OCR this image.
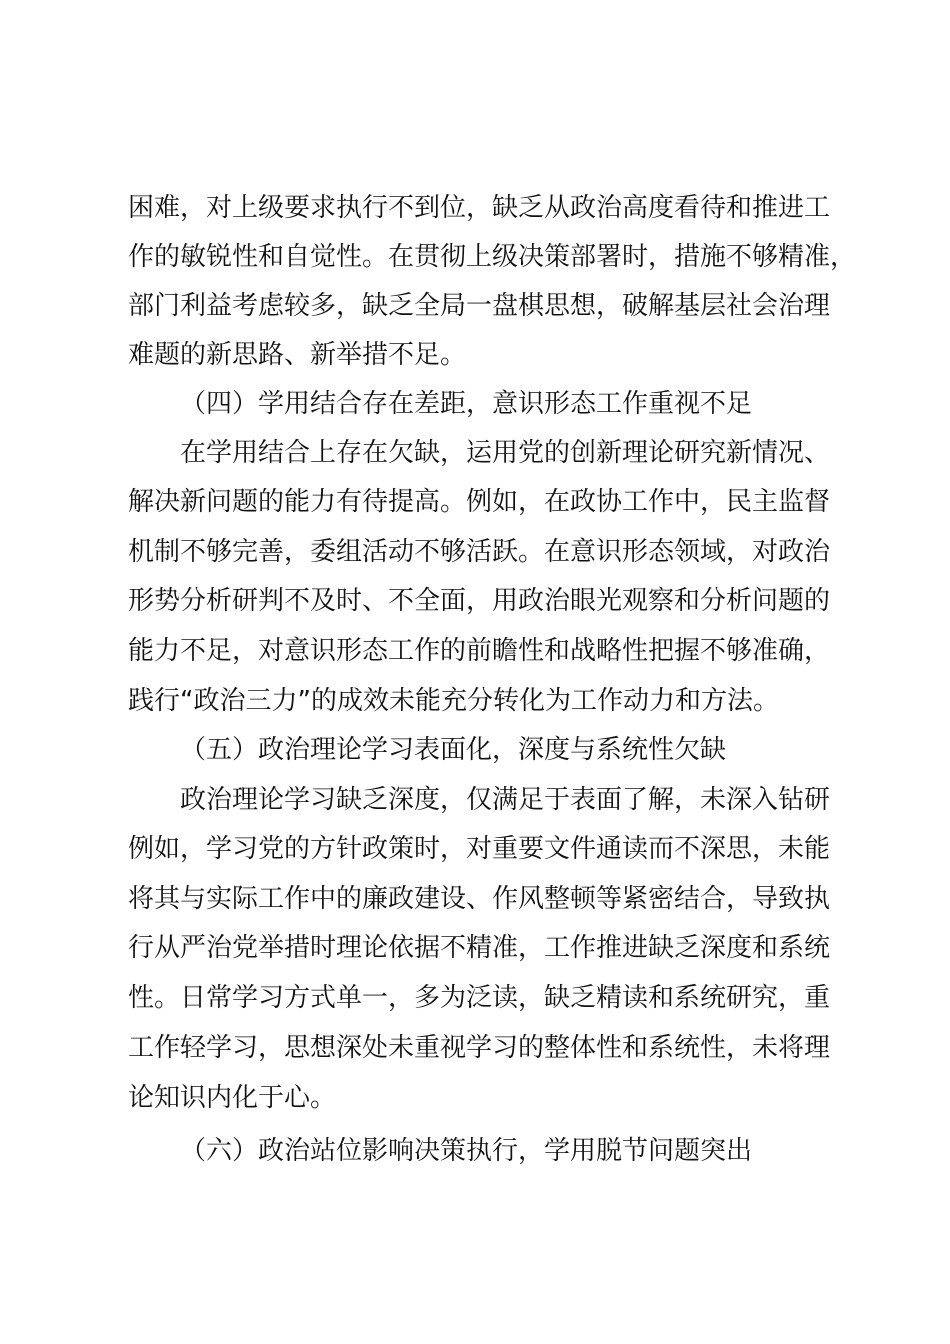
困难，对上级要求执行不到位，缺乏从政治高度看待和推进工
作的敏锐性和自觉性。在贯彻上级决策部署时，措施不够精准，
部门利益考虑较多，缺乏全局一盘棋思想，破解基层社会治理
难题的新思路、新举措不足。
（四）学用结合存在差距，意识形态工作重视不足
在学用结合上存在欠缺，运用党的创新理论研究新情况、
解决新问题的能力有待提高。例如，在政协工作中，民主监督
机制不够完善，委组活动不够活跃。在意识形态领域，对政治
形势分析研判不及时、不全面，用政治眼光观察和分析问题的
能力不足，对意识形态工作的前瞻性和战略性把握不够准确，
践行“政治三力”的成效未能充分转化为工作动力和方法。
（五）政治理论学习表面化，深度与系统性欠缺
政治理论学习缺乏深度，仅满足于表面了解，未深入钻研
例如，学习党的方针政策时，对重要文件通读而不深思，未能
将其与实际工作中的廉政建设、作风整顿等紧密结合，导致执
行从严治党举措时理论依据不精准，工作推进缺乏深度和系统
性。日常学习方式单一，多为泛读，缺乏精读和系统研究，重
工作轻学习，思想深处未重视学习的整体性和系统性，未将理
论知识内化于心。
（六）政治站位影响决策执行，学用脱节问题突出
